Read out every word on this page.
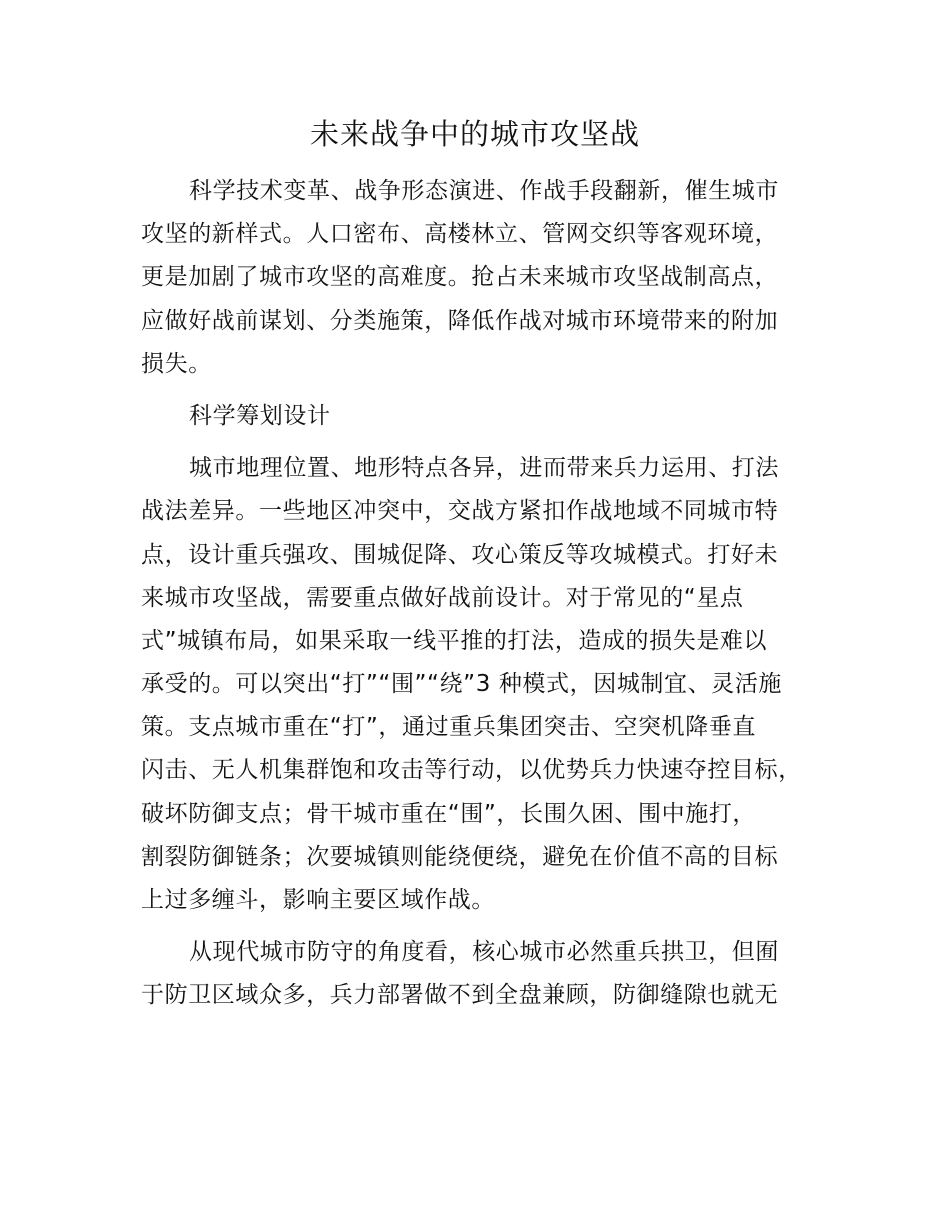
未来战争中的城市攻坚战
科学技术变革、战争形态演进、作战手段翻新，催生城市
攻坚的新样式。人口密布、高楼林立、管网交织等客观环境，
更是加剧了城市攻坚的高难度。抢占未来城市攻坚战制高点，
应做好战前谋划、分类施策，降低作战对城市环境带来的附加
损失。
科学筹划设计
城市地理位置、地形特点各异，进而带来兵力运用、打法
战法差异。一些地区冲突中，交战方紧扣作战地域不同城市特
点，设计重兵强攻、围城促降、攻心策反等攻城模式。打好未
来城市攻坚战，需要重点做好战前设计。对于常见的“星点
式”城镇布局，如果采取一线平推的打法，造成的损失是难以
承受的。可以突出“打”“围”“绕”3 种模式，因城制宜、灵活施
策。支点城市重在“打”，通过重兵集团突击、空突机降垂直
闪击、无人机集群饱和攻击等行动，以优势兵力快速夺控目标，
破坏防御支点；骨干城市重在“围”，长围久困、围中施打，
割裂防御链条；次要城镇则能绕便绕，避免在价值不高的目标
上过多缠斗，影响主要区域作战。
从现代城市防守的角度看，核心城市必然重兵拱卫，但囿
于防卫区域众多，兵力部署做不到全盘兼顾，防御缝隙也就无
